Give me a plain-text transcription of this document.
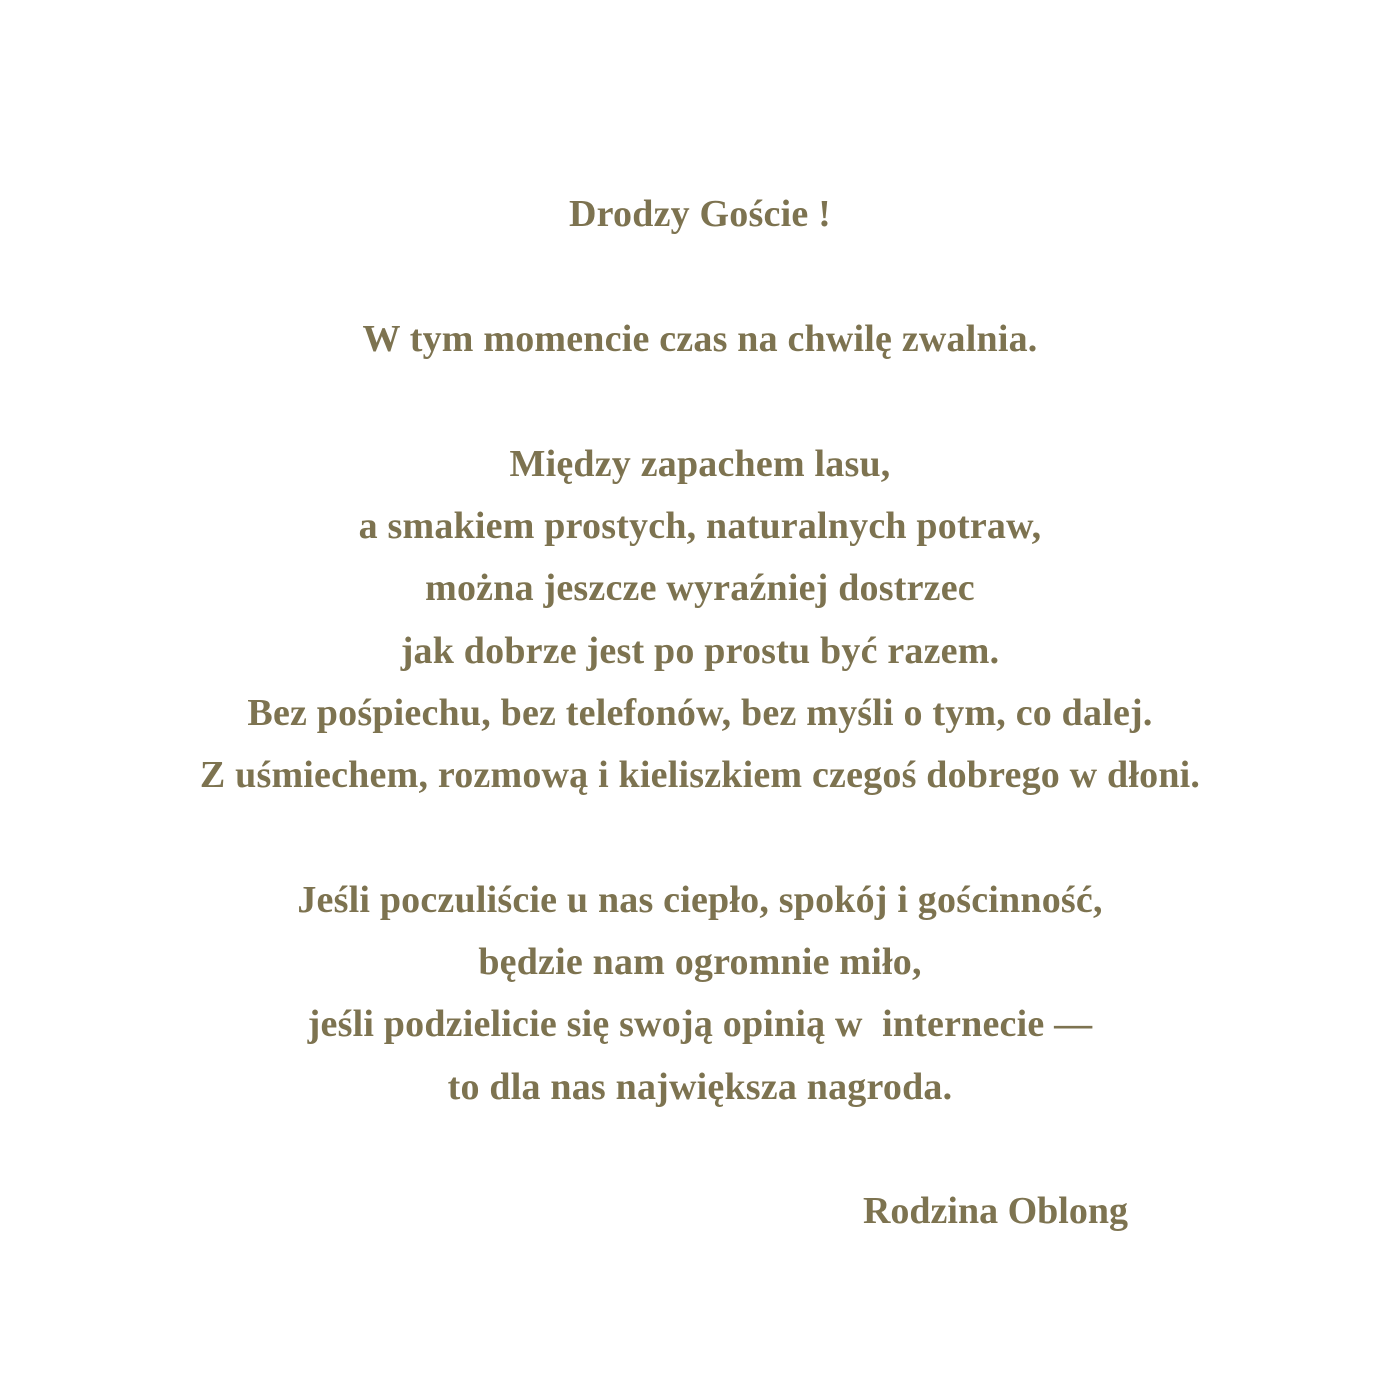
Drodzy Goście !
W tym momencie czas na chwilę zwalnia.
Między zapachem lasu,
a smakiem prostych, naturalnych potraw,
można jeszcze wyraźniej dostrzec
jak dobrze jest po prostu być razem.
Bez pośpiechu, bez telefonów, bez myśli o tym, co dalej.
Z uśmiechem, rozmową i kieliszkiem czegoś dobrego w dłoni.
Jeśli poczuliście u nas ciepło, spokój i gościnność,
będzie nam ogromnie miło,
jeśli podzielicie się swoją opinią w  internecie —
to dla nas największa nagroda.
Rodzina Oblong
